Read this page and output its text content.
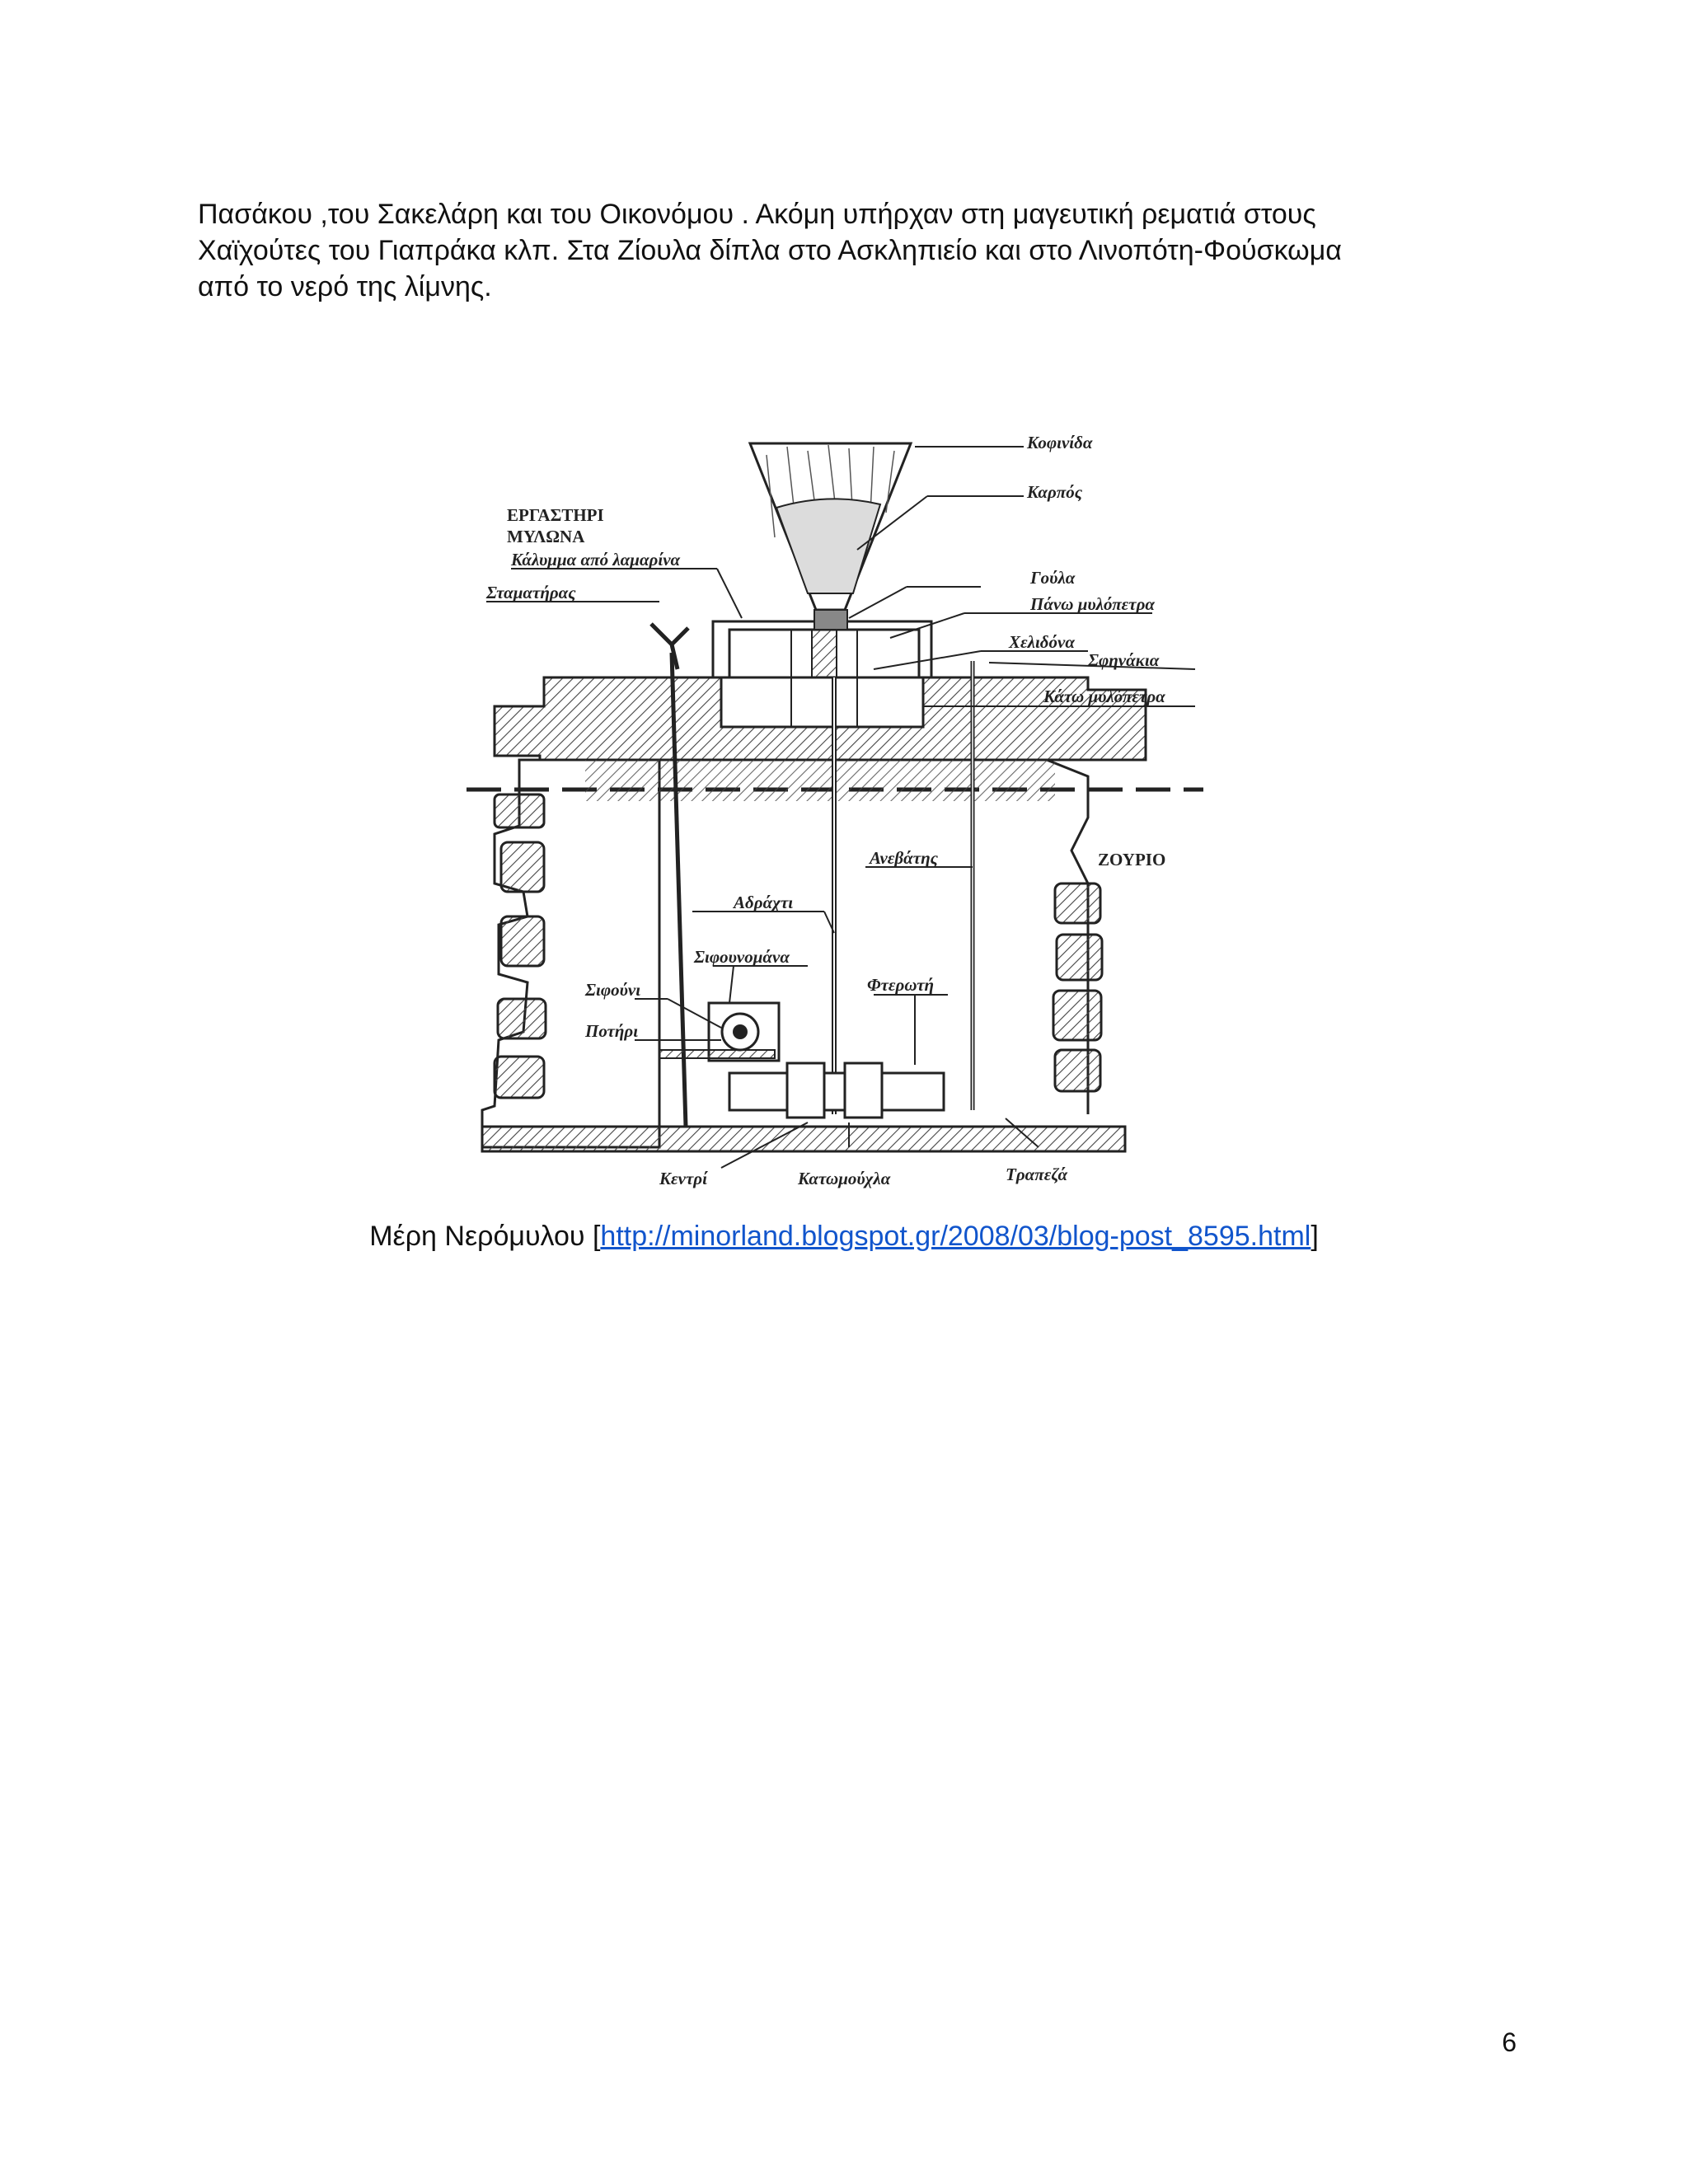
Πασάκου ,του Σακελάρη και του Οικονόμου . Ακόμη υπήρχαν στη μαγευτική ρεματιά στους
Χαϊχούτες του Γιαπράκα κλπ. Στα Ζίουλα δίπλα στο Ασκληπιείο και στο Λινοπότη-Φούσκωμα
από το νερό της λίμνης.

Κοφινίδα
Καρπός
ΕΡΓΑΣΤΗΡΙ
ΜΥΛΩΝΑ
Κάλυμμα από λαμαρίνα
Γούλα
Πάνω μυλόπετρα
Σταματήρας
Χελιδόνα
Σφηνάκια
Κάτω μυλόπετρα
ΖΟΥΡΙΟ
Ανεβάτης
Αδράχτι
Σιφουνομάνα
Σιφούνι	Φτερωτή
Ποτήρι
Κεντρί	Κατωμούχλα	Τραπεζά

Μέρη Νερόμυλου [http://minorland.blogspot.gr/2008/03/blog-post_8595.html]

6
